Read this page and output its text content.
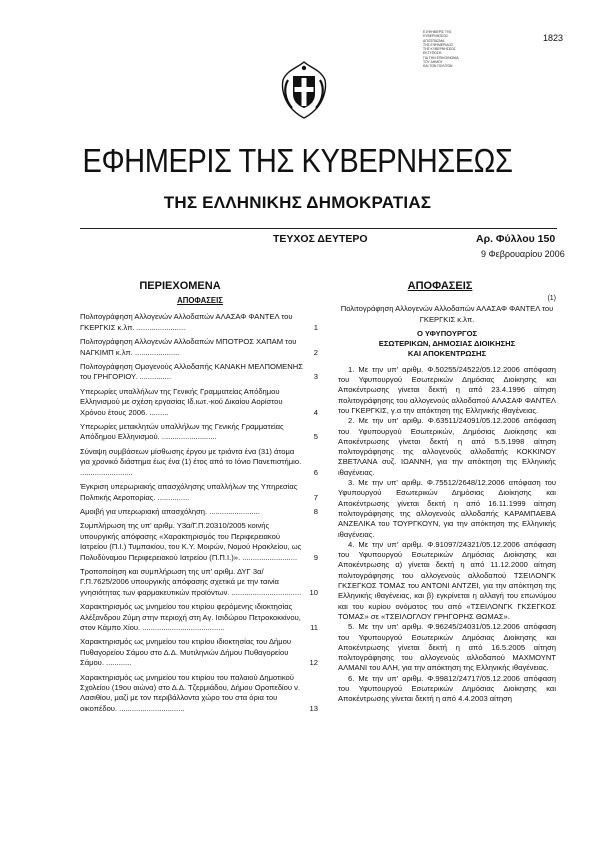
Ε.ΕΦΗΜΕΡΙΣ ΤΗΣ
ΚΥΒΕΡΝΗΣΕΩΣ
ΑΠΟΣΠΑΣΜΑ
ΤΗΣ ΕΦΗΜΕΡΙΔΟΣ
ΤΗΣ ΚΥΒΕΡΝΗΣΕΩΣ
ΕΚΤΥΠΩΣΗ
ΓΙΑ ΤΗΝ ΕΠΙΚΟΙΝΩΝΙΑ
ΤΟΥ ΔΗΜΟΥ
ΚΑΙ ΤΩΝ ΠΟΛΙΤΩΝ
1823
ΕΦΗΜΕΡΙΣ ΤΗΣ ΚΥΒΕΡΝΗΣΕΩΣ
ΤΗΣ ΕΛΛΗΝΙΚΗΣ ΔΗΜΟΚΡΑΤΙΑΣ
ΤΕΥΧΟΣ ΔΕΥΤΕΡΟ	Αρ. Φύλλου 150
9 Φεβρουαρίου 2006
ΠΕΡΙΕΧΟΜΕΝΑ	ΑΠΟΦΑΣΕΙΣ
ΑΠΟΦΑΣΕΙΣ
Πολιτογράφηση Αλλογενών Αλλοδαπών ΑΛΑΣΑΦ ΦΑΝΤΕΛ του ΓΚΕΡΓΚΙΣ κ.λπ. .......................	1
Πολιτογράφηση Αλλογενών Αλλοδαπών ΜΠΟΤΡΟΣ ΧΑΠΑΜ του ΝΑΓΚΙΜΠ κ.λπ. .....................	2
Πολιτογράφηση Ομογενούς Αλλοδαπής ΚΑΝΑΚΗ ΜΕΛΠΟΜΕΝΗΣ του ΓΡΗΓΟΡΙΟΥ. ...............	3
Υπερωρίες υπαλλήλων της Γενικής Γραμματείας Απόδημου Ελληνισμού με σχέση εργασίας Ιδ.ιωτ.-κού Δικαίου Αορίστου Χρόνου έτους 2006. .........	4
Υπερωρίες μετακλητών υπαλλήλων της Γενικής Γραμματείας Απόδημου Ελληνισμού. ..........................	5
Σύναψη συμβάσεων μίσθωσης έργου με τριάντα ένα (31) άτομα για χρονικό διάστημα έως ένα (1) έτος από το Ιόνιο Πανεπιστήμιο. .........................	6
Έγκριση υπερωριακής απασχόλησης υπαλλήλων της Υπηρεσίας Πολιτικής Αεροπορίας. ...............	7
Αμοιβή για υπερωριακή απασχόληση. ........................	8
Συμπλήρωση της υπ' αριθμ. Υ3α/Γ.Π.20310/2005 κοινής υπουργικής απόφασης «Χαρακτηρισμός του Περιφερειακού Ιατρείου (Π.Ι.) Τυμπακίου, του Κ.Υ. Μοιρών, Νομού Ηρακλείου, ως Πολυδύναμου Περιφερειακού Ιατρείου (Π.Π.Ι.)». .......................... 9
Τροποποίηση και συμπλήρωση της υπ' αριθμ. ΔΥΓ 3α/Γ.Π.7625/2006 υπουργικής απόφασης σχετικά με την ταινία γνησιότητας των φαρμακευτικών προϊόντων. ................................. 10
Χαρακτηρισμός ως μνημείου του κτιρίου φερόμενης ιδιοκτησίας Αλέξανδρου Ζύμη στην περιοχή στη Αγ. Ισιδώρου Πετροκοκκίνου, στον Κάμπο Χίου. .......................................	11
Χαρακτηρισμός ως μνημείου του κτιρίου ιδιοκτησίας του Δήμου Πυθαγορείου Σάμου στο Δ.Δ. Μυτιληνιών Δήμου Πυθαγορείου Σάμου. ............	12
Χαρακτηρισμός ως μνημείου του κτιρίου του παλαιού Δημοτικού Σχολείου (19ου αιώνα) στο Δ.Δ. Τζερμιάδου, Δήμου Οροπεδίου ν. Λασιθίου, μαζί με τον περιβάλλοντα χώρο του στα όρια του οικοπέδου. ...............................	13
(1)
Πολιτογράφηση Αλλογενών Αλλοδαπών ΑΛΑΣΑΦ ΦΑΝΤΕΛ του ΓΚΕΡΓΚΙΣ κ.λπ.
Ο ΥΦΥΠΟΥΡΓΟΣ
ΕΣΩΤΕΡΙΚΩΝ, ΔΗΜΟΣΙΑΣ ΔΙΟΙΚΗΣΗΣ
ΚΑΙ ΑΠΟΚΕΝΤΡΩΣΗΣ
1. Με την υπ' αριθμ. Φ.50255/24522/05.12.2006 απόφαση του Υφυπουργού Εσωτερικών Δημόσιας Διοίκησης και Αποκέντρωσης γίνεται δεκτή η από 23.4.1996 αίτηση πολιτογράφησης του αλλογενούς αλλοδαπού ΑΛΑΣΑΦ ΦΑΝΤΕΛ του ΓΚΕΡΓΚΙΣ, γ.α την απόκτηση της Ελληνικής ιθαγένειας.
2. Με την υπ' αριθμ. Φ.63511/24091/05.12.2006 απόφαση του Υφυπουργού Εσωτερικών, Δημόσιας Διοίκησης και Αποκέντρωσης γίνεται δεκτή η από 5.5.1998 αίτηση πολιτογράφησης της αλλογενούς αλλοδαπής ΚΟΚΚΙΝΟΥ ΣΒΕΤΛΑΝΑ συζ. ΙΩΑΝΝΗ, για την απόκτηση της Ελληνικής ιθαγένειας.
3. Με την υπ' αριθμ. Φ.75512/2648/12.2006 απόφαση του Υφυπουργού Εσωτερικών Δημόσιας Διοίκησης και Αποκέντρωσης γίνεται δεκτή η από 16.11.1999 αίτηση πολιτογράφησης της αλλογενούς αλλοδαπής ΚΑΡΑΜΠΑΕΒΑ ΑΝΖΕΛΙΚΑ του ΤΟΥΡΓΚΟΥΝ, για την απόκτηση της Ελληνικής ιθαγένειας.
4. Με την υπ' αριθμ. Φ.91097/24321/05.12.2006 απόφαση του Υφυπουργού Εσωτερικών Δημόσιας Διοίκησης και Αποκέντρωσης α) γίνεται δεκτή η από 11.12.2000 αίτηση πολιτογράφησης του αλλογενούς αλλοδαπού ΤΣΕΙΛΟΝΓΚ ΓΚΣΕΓΚΟΣ ΤΟΜΑΣ του ΑΝΤΟΝΙ ΑΝΤΖΕΙ, για την απόκτηση της Ελληνικής ιθαγένειας, και β) εγκρίνεται η αλλαγή του επωνύμου και του κυρίου ονόματος του από «ΤΣΕΙΛΟΝΓΚ ΓΚΣΕΓΚΟΣ ΤΟΜΑΣ» σε «ΤΣΕΙΛΟΓΛΟΥ ΓΡΗΓΟΡΗΣ ΘΩΜΑΣ».
5. Με την υπ' αριθμ. Φ.96245/24031/05.12.2006 απόφαση του Υφυπουργού Εσωτερικών Δημόσιας Διοίκησης και Αποκέντρωσης γίνεται δεκτή η από 16.5.2005 αίτηση πολιτογράφησης του αλλογενούς αλλοδαπού ΜΑΧΜΟΥΝΤ ΑΛΜΑΝΙ του ΑΛΗ, για την απόκτηση της Ελληνικής ιθαγένειας.
6. Με την υπ' αριθμ. Φ.99812/24717/05.12.2006 απόφαση του Υφυπουργού Εσωτερικών Δημόσιας Διοίκησης και Αποκέντρωσης γίνεται δεκτή η από 4.4.2003 αίτηση
